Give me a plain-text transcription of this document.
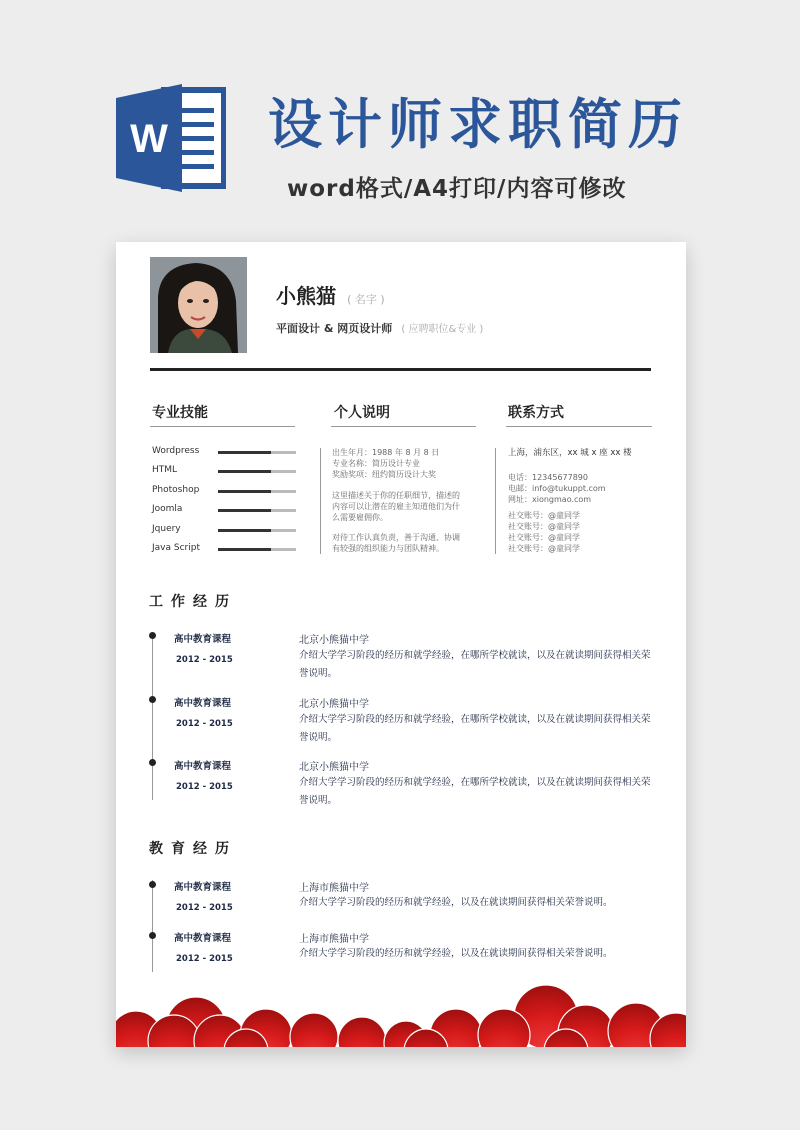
W 设计师求职简历
word格式/A4打印/内容可修改
小熊猫 ( 名字 )
平面设计 & 网页设计师 ( 应聘职位&专业 )
专业技能	个人说明	联系方式
Wordpress
HTML
Photoshop
Joomla
Jquery
Java Script
出生年月：1988 年 8 月 8 日
专业名称：简历设计专业
奖励奖项：纽约简历设计大奖
这里描述关于你的任职细节，描述的
内容可以让潜在的雇主知道他们为什
么需要雇佣你。
对待工作认真负责，善于沟通、协调
有较强的组织能力与团队精神。
上海，浦东区，xx 城 x 座 xx 楼
电话：12345677890
电邮：info@tukuppt.com
网址：xiongmao.com
社交账号：@童同学
社交账号：@童同学
社交账号：@童同学
社交账号：@童同学
工作经历
高中教育课程
2012 - 2015
北京小熊猫中学
介绍大学学习阶段的经历和就学经验，在哪所学校就读，以及在就读期间获得相关荣誉说明。
高中教育课程
2012 - 2015
北京小熊猫中学
介绍大学学习阶段的经历和就学经验，在哪所学校就读，以及在就读期间获得相关荣誉说明。
高中教育课程
2012 - 2015
北京小熊猫中学
介绍大学学习阶段的经历和就学经验，在哪所学校就读，以及在就读期间获得相关荣誉说明。
教育经历
高中教育课程
2012 - 2015
上海市熊猫中学
介绍大学学习阶段的经历和就学经验，以及在就读期间获得相关荣誉说明。
高中教育课程
2012 - 2015
上海市熊猫中学
介绍大学学习阶段的经历和就学经验，以及在就读期间获得相关荣誉说明。
